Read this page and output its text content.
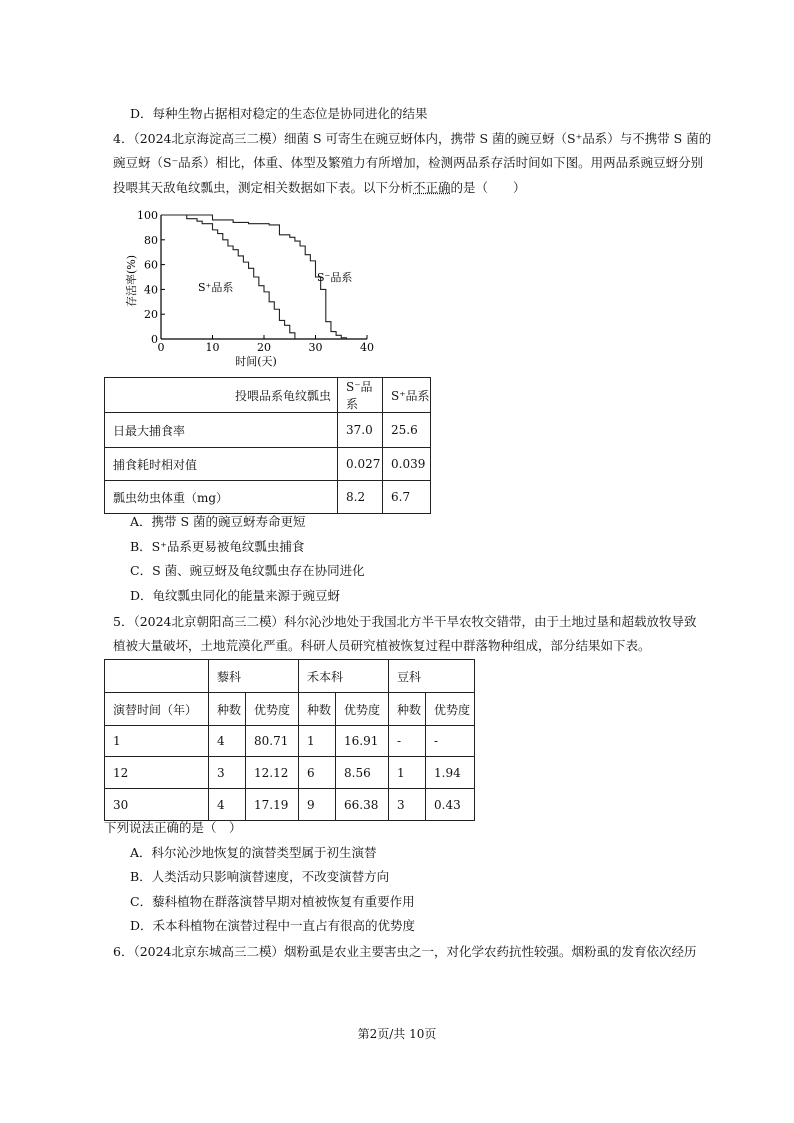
D．每种生物占据相对稳定的生态位是协同进化的结果
4．（2024北京海淀高三二模）细菌 S 可寄生在豌豆蚜体内，携带 S 菌的豌豆蚜（S⁺品系）与不携带 S 菌的
豌豆蚜（S⁻品系）相比，体重、体型及繁殖力有所增加，检测两品系存活时间如下图。用两品系豌豆蚜分别
投喂其天敌龟纹瓢虫，测定相关数据如下表。以下分析不正确的是（　　）
0	10	20	30	40
0
20
40
60
80
100
S⁺品系
S⁻品系
时间(天)
存活率(%)
投喂品系龟纹瓢虫	S⁻品系	S⁺品系
日最大捕食率	37.0	25.6
捕食耗时相对值	0.027	0.039
瓢虫幼虫体重（mg）	8.2	6.7
A．携带 S 菌的豌豆蚜寿命更短
B．S⁺品系更易被龟纹瓢虫捕食
C．S 菌、豌豆蚜及龟纹瓢虫存在协同进化
D．龟纹瓢虫同化的能量来源于豌豆蚜
5．（2024北京朝阳高三二模）科尔沁沙地处于我国北方半干旱农牧交错带，由于土地过垦和超载放牧导致
植被大量破坏，土地荒漠化严重。科研人员研究植被恢复过程中群落物种组成，部分结果如下表。
	藜科		禾本科		豆科	
演替时间（年）	种数	优势度	种数	优势度	种数	优势度
1	4	80.71	1	16.91	-	-
12	3	12.12	6	8.56	1	1.94
30	4	17.19	9	66.38	3	0.43
下列说法正确的是（　）
A．科尔沁沙地恢复的演替类型属于初生演替
B．人类活动只影响演替速度，不改变演替方向
C．藜科植物在群落演替早期对植被恢复有重要作用
D．禾本科植物在演替过程中一直占有很高的优势度
6．（2024北京东城高三二模）烟粉虱是农业主要害虫之一，对化学农药抗性较强。烟粉虱的发育依次经历
第2页/共 10页
